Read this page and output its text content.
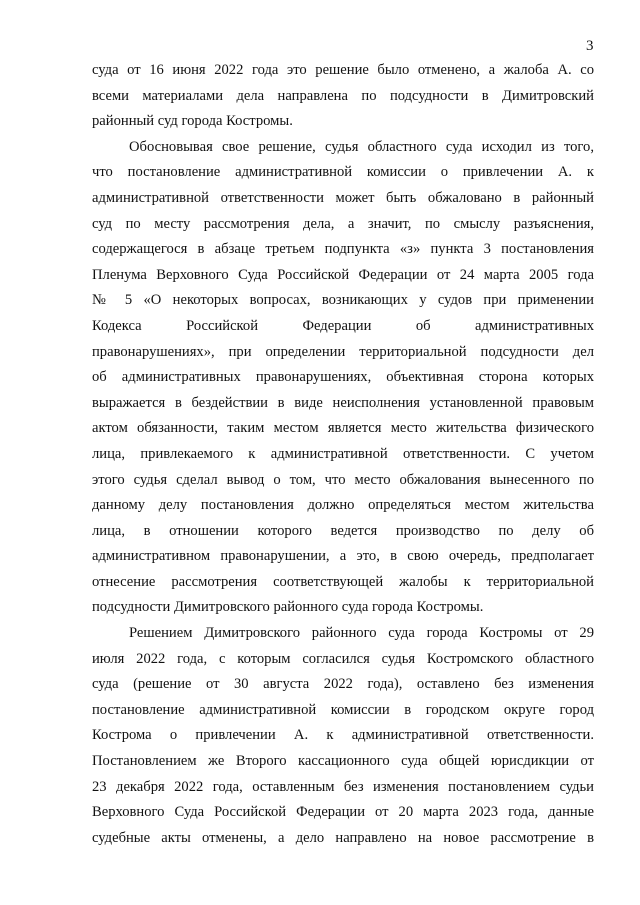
3
суда от 16 июня 2022 года это решение было отменено, а жалоба А. со
всеми материалами дела направлена по подсудности в Димитровский
районный суд города Костромы.
Обосновывая свое решение, судья областного суда исходил из того,
что постановление административной комиссии о привлечении А. к
административной ответственности может быть обжаловано в районный
суд по месту рассмотрения дела, а значит, по смыслу разъяснения,
содержащегося в абзаце третьем подпункта «з» пункта 3 постановления
Пленума Верховного Суда Российской Федерации от 24 марта 2005 года
№ 5 «О некоторых вопросах, возникающих у судов при применении
Кодекса Российской Федерации об административных
правонарушениях», при определении территориальной подсудности дел
об административных правонарушениях, объективная сторона которых
выражается в бездействии в виде неисполнения установленной правовым
актом обязанности, таким местом является место жительства физического
лица, привлекаемого к административной ответственности. С учетом
этого судья сделал вывод о том, что место обжалования вынесенного по
данному делу постановления должно определяться местом жительства
лица, в отношении которого ведется производство по делу об
административном правонарушении, а это, в свою очередь, предполагает
отнесение рассмотрения соответствующей жалобы к территориальной
подсудности Димитровского районного суда города Костромы.
Решением Димитровского районного суда города Костромы от 29
июля 2022 года, с которым согласился судья Костромского областного
суда (решение от 30 августа 2022 года), оставлено без изменения
постановление административной комиссии в городском округе город
Кострома о привлечении А. к административной ответственности.
Постановлением же Второго кассационного суда общей юрисдикции от
23 декабря 2022 года, оставленным без изменения постановлением судьи
Верховного Суда Российской Федерации от 20 марта 2023 года, данные
судебные акты отменены, а дело направлено на новое рассмотрение в
